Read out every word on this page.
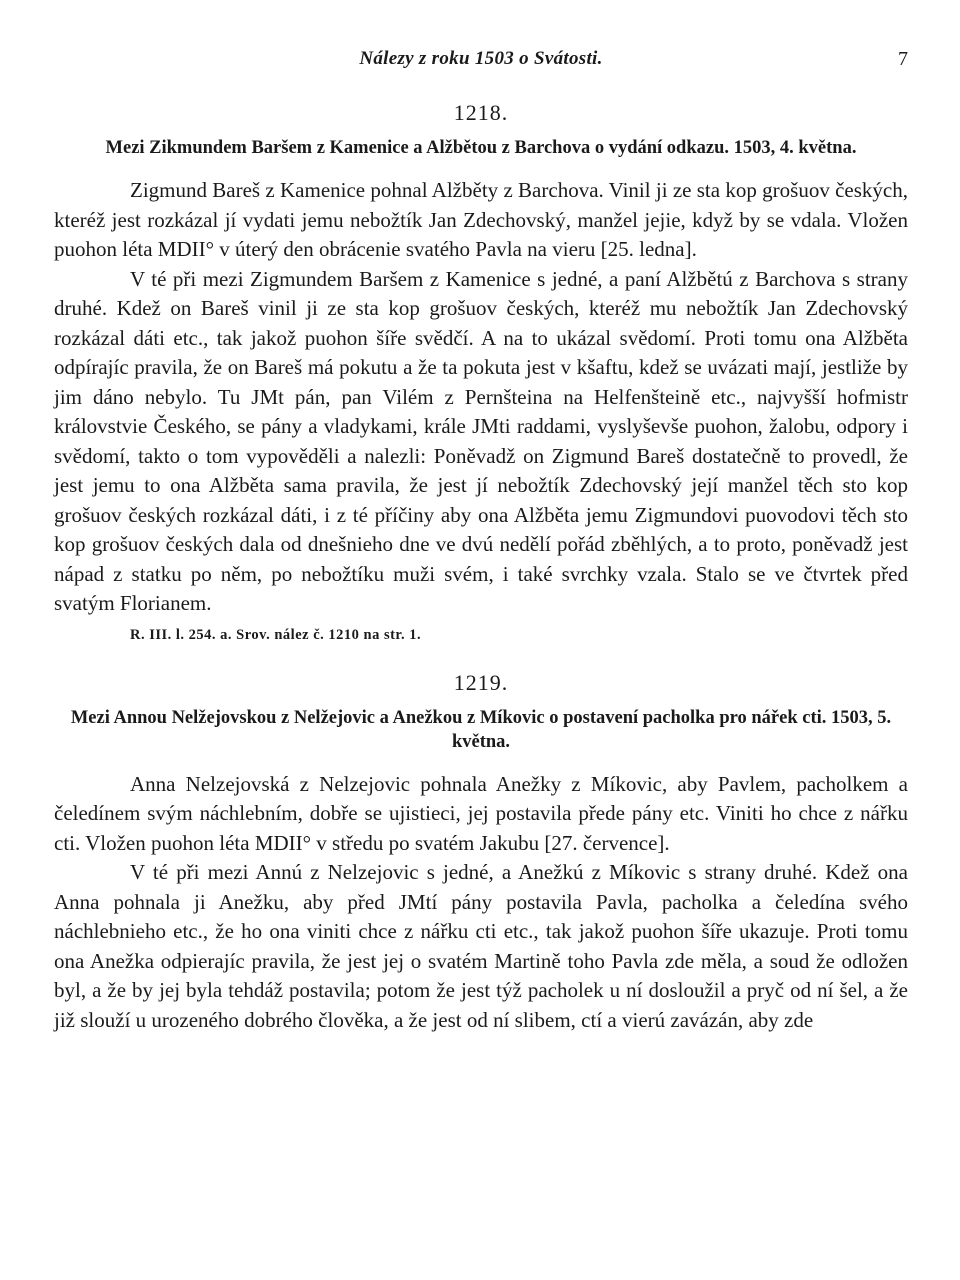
Nálezy z roku 1503 o Svátosti.	7
1218.
Mezi Zikmundem Baršem z Kamenice a Alžbětou z Barchova o vydání odkazu. 1503, 4. května.

Zigmund Bareš z Kamenice pohnal Alžběty z Barchova. Vinil ji ze sta kop grošuov českých, kteréž jest rozkázal jí vydati jemu nebožtík Jan Zdechovský, manžel jejie, když by se vdala. Vložen puohon léta MDII° v úterý den obrácenie svatého Pavla na vieru [25. ledna].

V té při mezi Zigmundem Baršem z Kamenice s jedné, a paní Alžbětú z Barchova s strany druhé. Kdež on Bareš vinil ji ze sta kop grošuov českých, kteréž mu nebožtík Jan Zdechovský rozkázal dáti etc., tak jakož puohon šíře svědčí. A na to ukázal svědomí. Proti tomu ona Alžběta odpírajíc pravila, že on Bareš má pokutu a že ta pokuta jest v kšaftu, kdež se uvázati mají, jestliže by jim dáno nebylo. Tu JMt pán, pan Vilém z Pernšteina na Helfenšteině etc., najvyšší hofmistr královstvie Českého, se pány a vladykami, krále JMti raddami, vyslyševše puohon, žalobu, odpory i svědomí, takto o tom vypověděli a nalezli: Poněvadž on Zigmund Bareš dostatečně to provedl, že jest jemu to ona Alžběta sama pravila, že jest jí nebožtík Zdechovský její manžel těch sto kop grošuov českých rozkázal dáti, i z té příčiny aby ona Alžběta jemu Zigmundovi puovodovi těch sto kop grošuov českých dala od dnešnieho dne ve dvú nedělí pořád zběhlých, a to proto, poněvadž jest nápad z statku po něm, po nebožtíku muži svém, i také svrchky vzala. Stalo se ve čtvrtek před svatým Florianem.

R. III. l. 254. a. Srov. nález č. 1210 na str. 1.
1219.
Mezi Annou Nelžejovskou z Nelžejovic a Anežkou z Míkovic o postavení pacholka pro nářek cti. 1503, 5. května.

Anna Nelzejovská z Nelzejovic pohnala Anežky z Míkovic, aby Pavlem, pacholkem a čeledínem svým náchlebním, dobře se ujistieci, jej postavila přede pány etc. Viniti ho chce z nářku cti. Vložen puohon léta MDII° v středu po svatém Jakubu [27. července].

V té při mezi Annú z Nelzejovic s jedné, a Anežkú z Míkovic s strany druhé. Kdež ona Anna pohnala ji Anežku, aby před JMtí pány postavila Pavla, pacholka a čeledína svého náchlebnieho etc., že ho ona viniti chce z nářku cti etc., tak jakož puohon šíře ukazuje. Proti tomu ona Anežka odpierajíc pravila, že jest jej o svatém Martině toho Pavla zde měla, a soud že odložen byl, a že by jej byla tehdáž postavila; potom že jest týž pacholek u ní dosloužil a pryč od ní šel, a že již slouží u urozeného dobrého člověka, a že jest od ní slibem, ctí a vierú zavázán, aby zde
